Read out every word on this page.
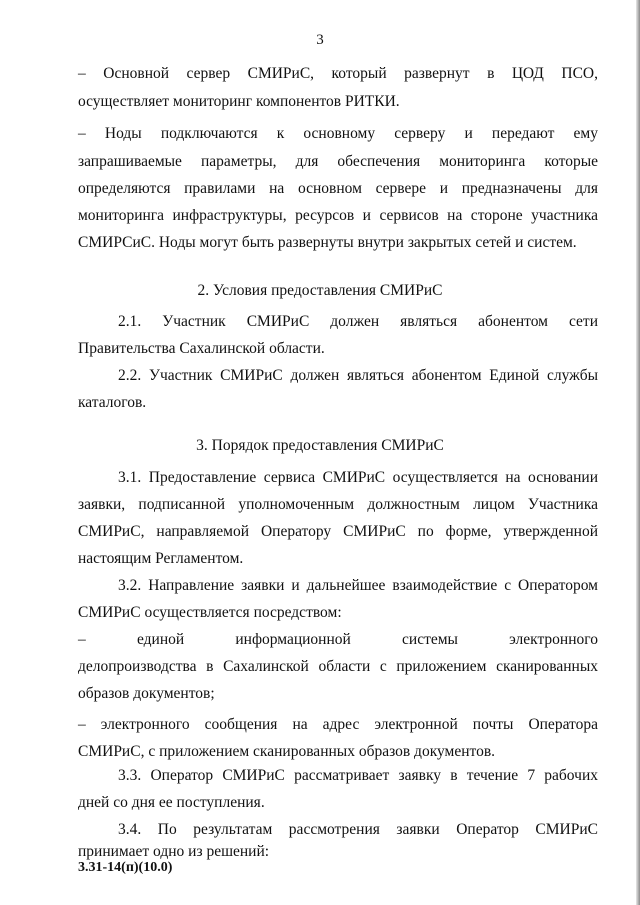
3
– Основной сервер СМИРиС, который развернут в ЦОД ПСО,
осуществляет мониторинг компонентов РИТКИ.
– Ноды подключаются к основному серверу и передают ему
запрашиваемые параметры, для обеспечения мониторинга которые
определяются правилами на основном сервере и предназначены для
мониторинга инфраструктуры, ресурсов и сервисов на стороне участника
СМИРСиС. Ноды могут быть развернуты внутри закрытых сетей и систем.
2. Условия предоставления СМИРиС
2.1. Участник СМИРиС должен являться абонентом сети
Правительства Сахалинской области.
2.2. Участник СМИРиС должен являться абонентом Единой службы
каталогов.
3. Порядок предоставления СМИРиС
3.1. Предоставление сервиса СМИРиС осуществляется на основании
заявки, подписанной уполномоченным должностным лицом Участника
СМИРиС, направляемой Оператору СМИРиС по форме, утвержденной
настоящим Регламентом.
3.2. Направление заявки и дальнейшее взаимодействие с Оператором
СМИРиС осуществляется посредством:
– единой информационной системы электронного
делопроизводства в Сахалинской области с приложением сканированных
образов документов;
– электронного сообщения на адрес электронной почты Оператора
СМИРиС, с приложением сканированных образов документов.
3.3. Оператор СМИРиС рассматривает заявку в течение 7 рабочих
дней со дня ее поступления.
3.4. По результатам рассмотрения заявки Оператор СМИРиС
принимает одно из решений:
3.31-14(п)(10.0)
